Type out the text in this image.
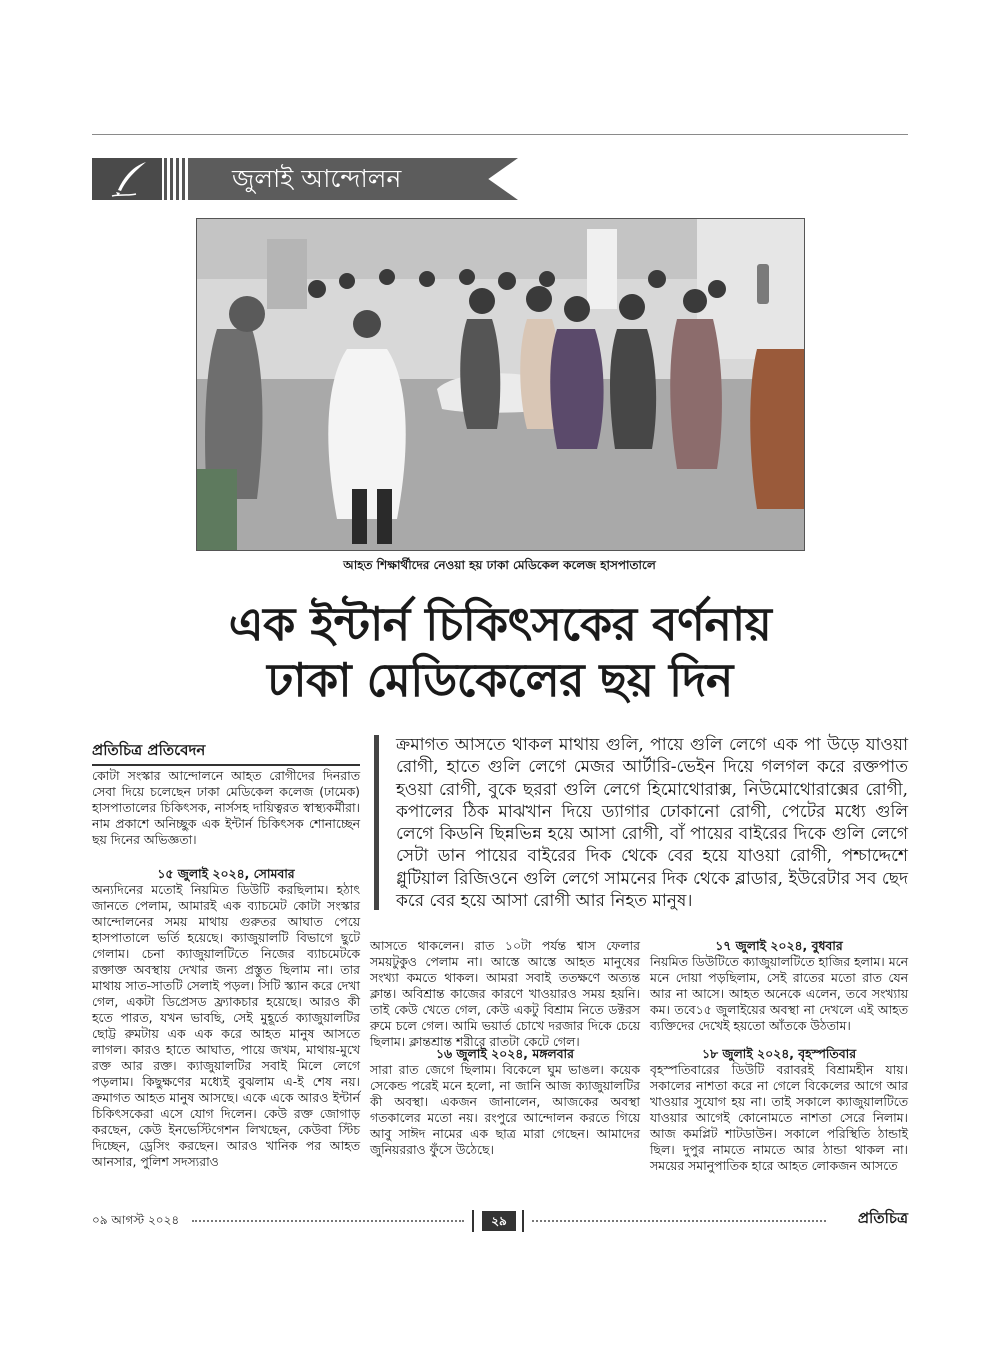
জুলাই আন্দোলন
আহত শিক্ষার্থীদের নেওয়া হয় ঢাকা মেডিকেল কলেজ হাসপাতালে
এক ইন্টার্ন চিকিৎসকের বর্ণনায়
ঢাকা মেডিকেলের ছয় দিন
প্রতিচিত্র প্রতিবেদন
কোটা সংস্কার আন্দোলনে আহত রোগীদের দিনরাত সেবা দিয়ে চলেছেন ঢাকা মেডিকেল কলেজ (ঢামেক) হাসপাতালের চিকিৎসক, নার্সসহ দায়িত্বরত স্বাস্থ্যকর্মীরা। নাম প্রকাশে অনিচ্ছুক এক ইন্টার্ন চিকিৎসক শোনাচ্ছেন ছয় দিনের অভিজ্ঞতা।
১৫ জুলাই ২০২৪, সোমবার
অন্যদিনের মতোই নিয়মিত ডিউটি করছিলাম। হঠাৎ জানতে পেলাম, আমারই এক ব্যাচমেট কোটা সংস্কার আন্দোলনের সময় মাথায় গুরুতর আঘাত পেয়ে হাসপাতালে ভর্তি হয়েছে। ক্যাজুয়ালটি বিভাগে ছুটে গেলাম। চেনা ক্যাজুয়ালটিতে নিজের ব্যাচমেটকে রক্তাক্ত অবস্থায় দেখার জন্য প্রস্তুত ছিলাম না। তার মাথায় সাত-সাতটি সেলাই পড়ল। সিটি স্ক্যান করে দেখা গেল, একটা ডিপ্রেসড ফ্র্যাকচার হয়েছে। আরও কী হতে পারত, যখন ভাবছি, সেই মুহূর্তে ক্যাজুয়ালটির ছোট্ট রুমটায় এক এক করে আহত মানুষ আসতে লাগল। কারও হাতে আঘাত, পায়ে জখম, মাথায়-মুখে রক্ত আর রক্ত। ক্যাজুয়ালটির সবাই মিলে লেগে পড়লাম। কিছুক্ষণের মধ্যেই বুঝলাম এ-ই শেষ নয়। ক্রমাগত আহত মানুষ আসছে। একে একে আরও ইন্টার্ন চিকিৎসকেরা এসে যোগ দিলেন। কেউ রক্ত জোগাড় করছেন, কেউ ইনভেস্টিগেশন লিখছেন, কেউবা স্টিচ দিচ্ছেন, ড্রেসিং করছেন। আরও খানিক পর আহত আনসার, পুলিশ সদস্যরাও
ক্রমাগত আসতে থাকল মাথায় গুলি, পায়ে গুলি লেগে এক পা উড়ে যাওয়া রোগী, হাতে গুলি লেগে মেজর আর্টারি-ভেইন দিয়ে গলগল করে রক্তপাত হওয়া রোগী, বুকে ছররা গুলি লেগে হিমোথোরাক্স, নিউমোথোরাক্সের রোগী, কপালের ঠিক মাঝখান দিয়ে ড্যাগার ঢোকানো রোগী, পেটের মধ্যে গুলি লেগে কিডনি ছিন্নভিন্ন হয়ে আসা রোগী, বাঁ পায়ের বাইরের দিকে গুলি লেগে সেটা ডান পায়ের বাইরের দিক থেকে বের হয়ে যাওয়া রোগী, পশ্চাদ্দেশে গ্লুটিয়াল রিজিওনে গুলি লেগে সামনের দিক থেকে ব্লাডার, ইউরেটার সব ছেদ করে বের হয়ে আসা রোগী আর নিহত মানুষ।
আসতে থাকলেন। রাত ১০টা পর্যন্ত শ্বাস ফেলার সময়টুকুও পেলাম না। আস্তে আস্তে আহত মানুষের সংখ্যা কমতে থাকল। আমরা সবাই ততক্ষণে অত্যন্ত ক্লান্ত। অবিশ্রান্ত কাজের কারণে খাওয়ারও সময় হয়নি। তাই কেউ খেতে গেল, কেউ একটু বিশ্রাম নিতে ডক্টরস রুমে চলে গেল। আমি ভয়ার্ত চোখে দরজার দিকে চেয়ে ছিলাম। ক্লান্তশ্রান্ত শরীরে রাতটা কেটে গেল।
১৬ জুলাই ২০২৪, মঙ্গলবার
সারা রাত জেগে ছিলাম। বিকেলে ঘুম ভাঙল। কয়েক সেকেন্ড পরেই মনে হলো, না জানি আজ ক্যাজুয়ালটির কী অবস্থা। একজন জানালেন, আজকের অবস্থা গতকালের মতো নয়। রংপুরে আন্দোলন করতে গিয়ে আবু সাঈদ নামের এক ছাত্র মারা গেছেন। আমাদের জুনিয়ররাও ফুঁসে উঠেছে।
১৭ জুলাই ২০২৪, বুধবার
নিয়মিত ডিউটিতে ক্যাজুয়ালটিতে হাজির হলাম। মনে মনে দোয়া পড়ছিলাম, সেই রাতের মতো রাত যেন আর না আসে। আহত অনেকে এলেন, তবে সংখ্যায় কম। তবে১৫ জুলাইয়ের অবস্থা না দেখলে এই আহত ব্যক্তিদের দেখেই হয়তো আঁতকে উঠতাম।
১৮ জুলাই ২০২৪, বৃহস্পতিবার
বৃহস্পতিবারের ডিউটি বরাবরই বিশ্রামহীন যায়। সকালের নাশতা করে না গেলে বিকেলের আগে আর খাওয়ার সুযোগ হয় না। তাই সকালে ক্যাজুয়ালটিতে যাওয়ার আগেই কোনোমতে নাশতা সেরে নিলাম। আজ কমপ্লিট শাটডাউন। সকালে পরিস্থিতি ঠান্ডাই ছিল। দুপুর নামতে নামতে আর ঠান্ডা থাকল না। সময়ের সমানুপাতিক হারে আহত লোকজন আসতে
০৯ আগস্ট ২০২৪	২৯	প্রতিচিত্র
